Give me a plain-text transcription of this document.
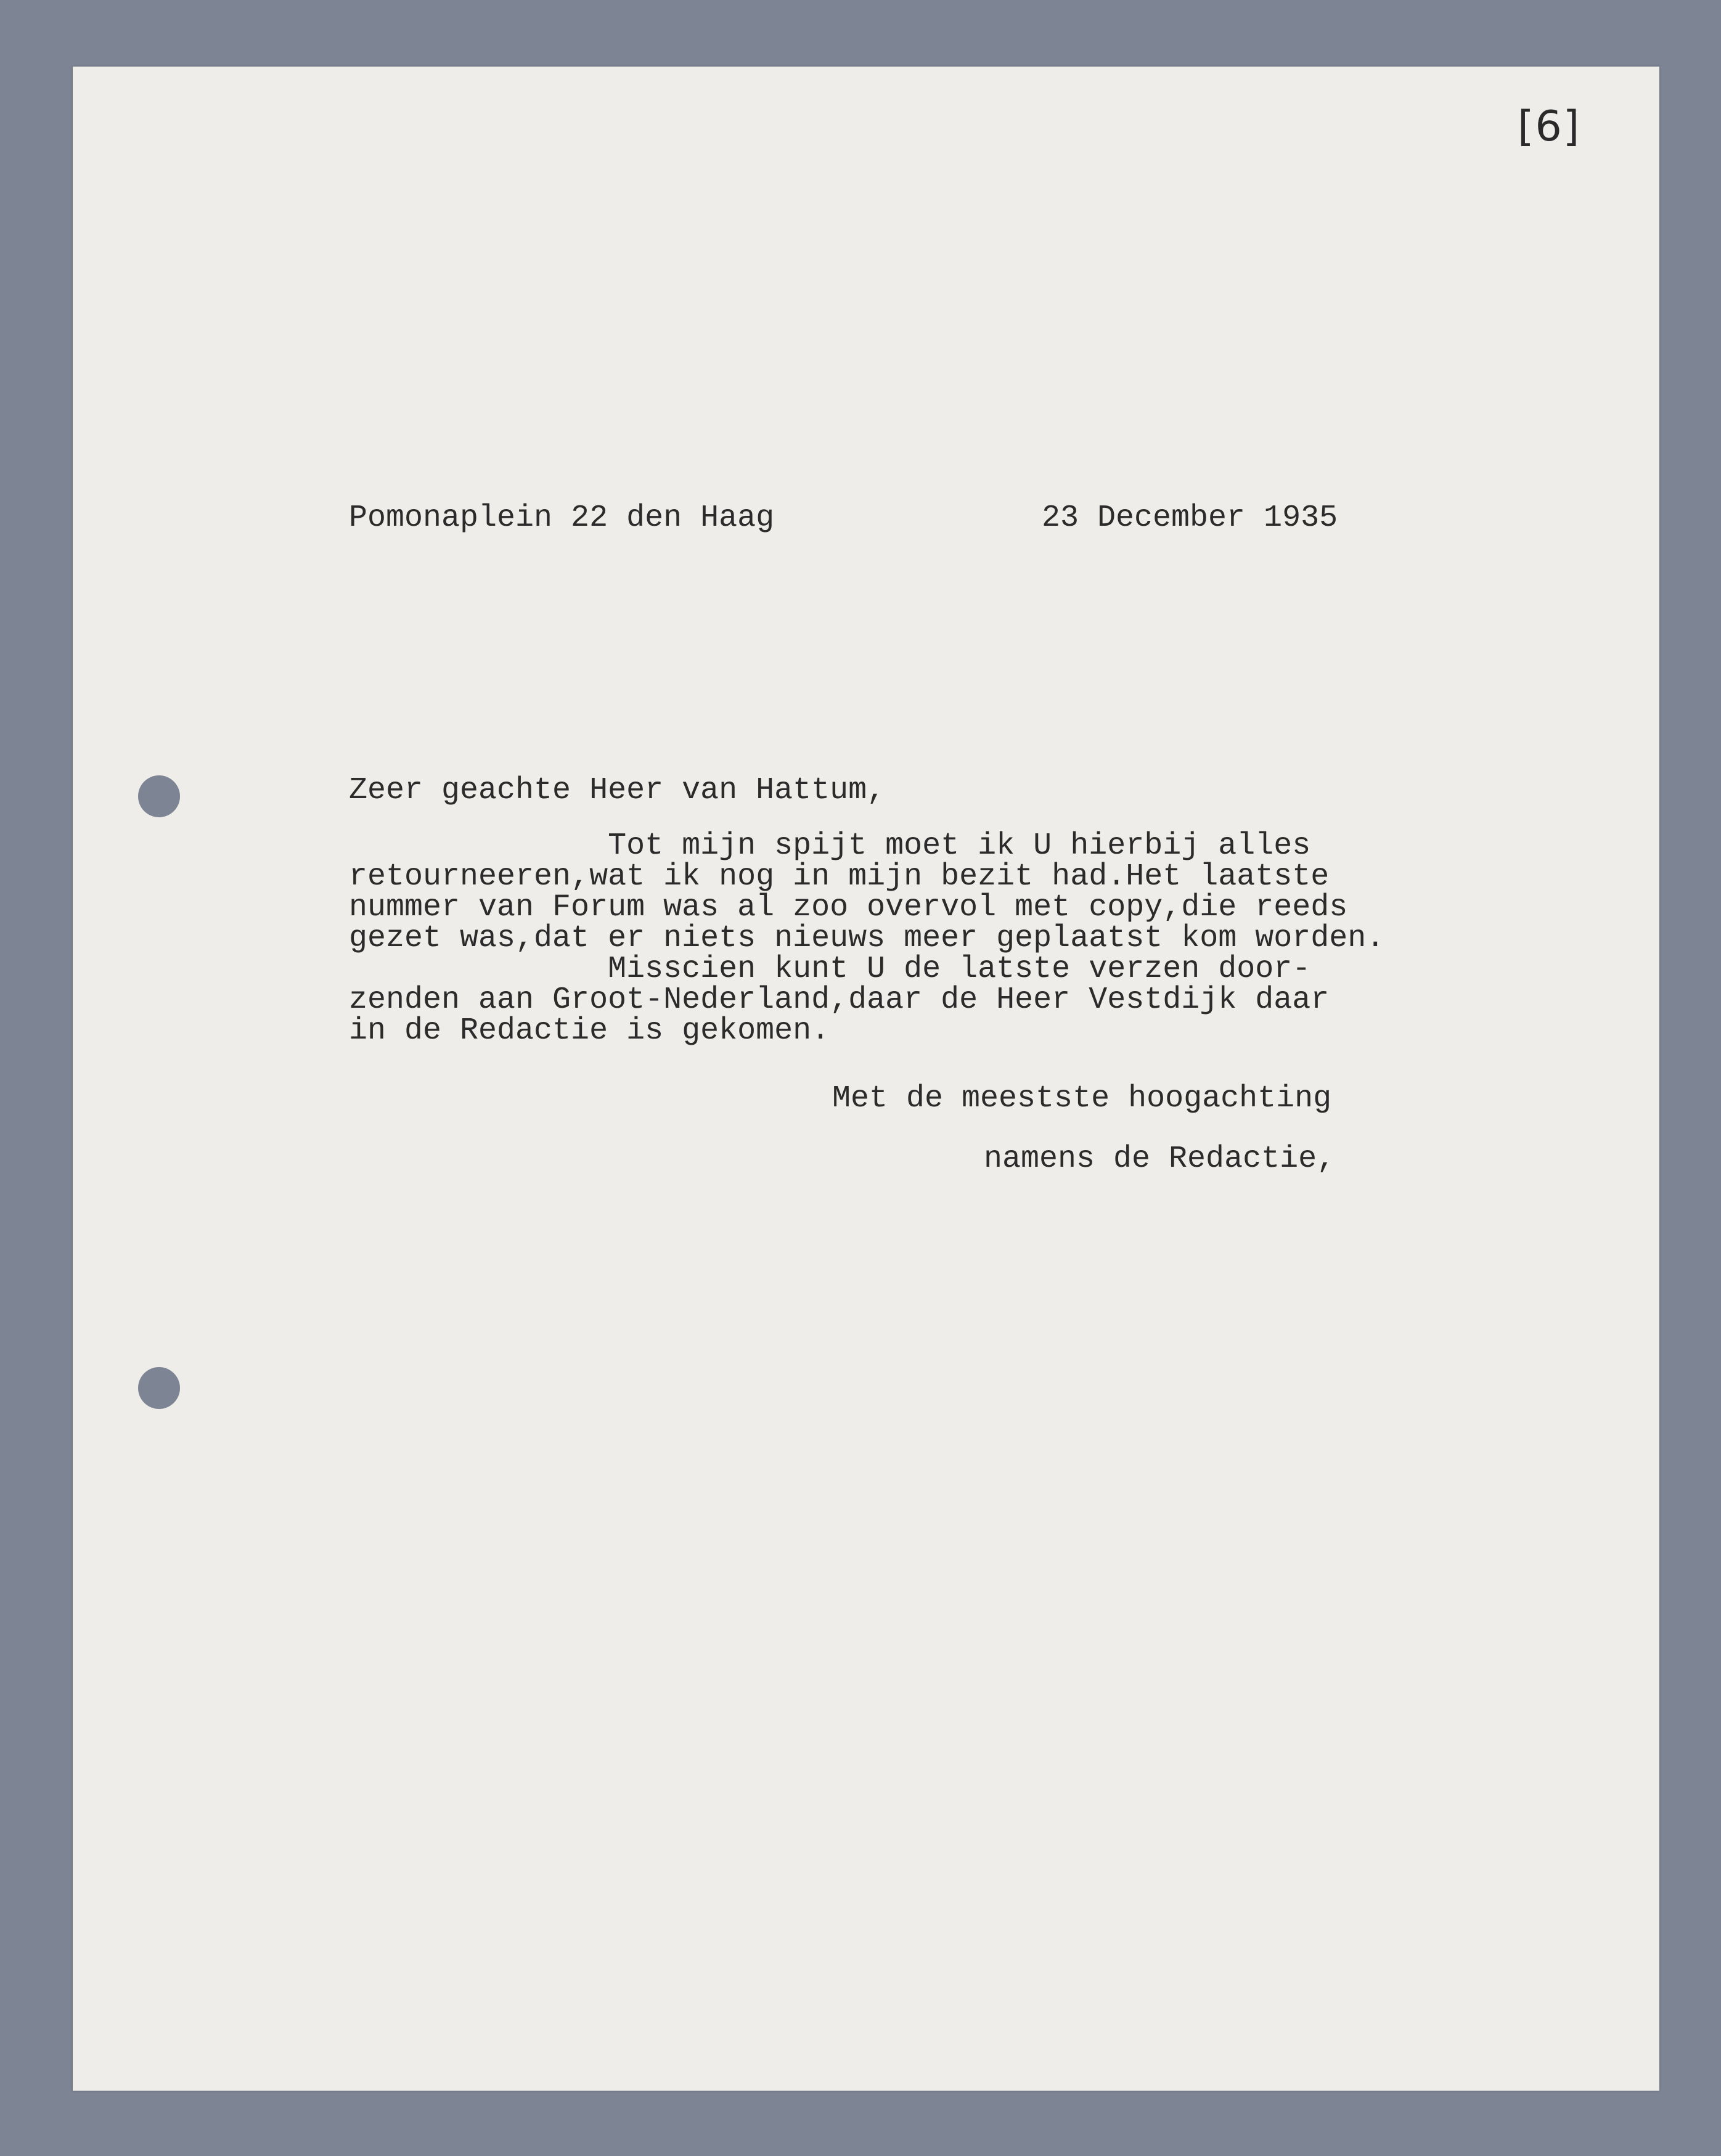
[6]
Pomonaplein 22 den Haag	23 December 1935
Zeer geachte Heer van Hattum,
Tot mijn spijt moet ik U hierbij alles
retourneeren,wat ik nog in mijn bezit had.Het laatste
nummer van Forum was al zoo overvol met copy,die reeds
gezet was,dat er niets nieuws meer geplaatst kom worden.
Misscien kunt U de latste verzen door-
zenden aan Groot-Nederland,daar de Heer Vestdijk daar
in de Redactie is gekomen.
Met de meestste hoogachting
namens de Redactie,
